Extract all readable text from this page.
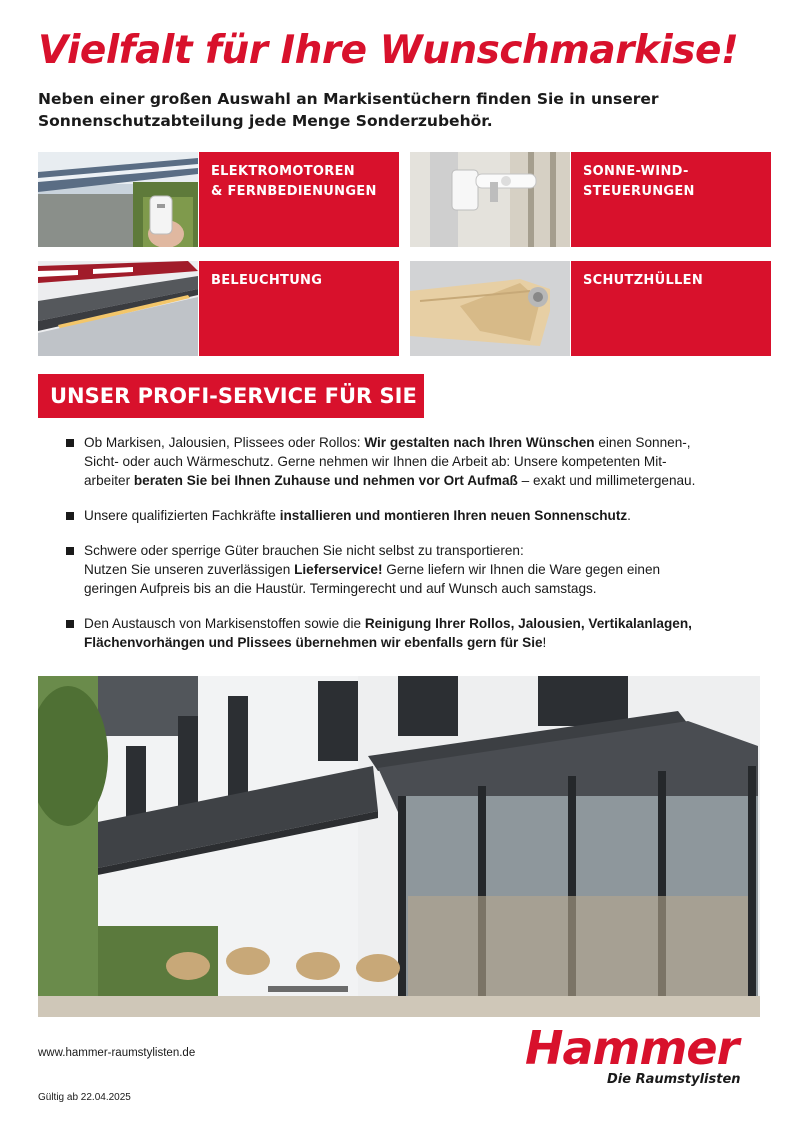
Vielfalt für Ihre Wunschmarkise!

Neben einer großen Auswahl an Markisentüchern finden Sie in unserer Sonnenschutzabteilung jede Menge Sonderzubehör.

ELEKTROMOTOREN
& FERNBEDIENUNGEN
SONNE-WIND-
STEUERUNGEN
BELEUCHTUNG	SCHUTZHÜLLEN
UNSER PROFI-SERVICE FÜR SIE
Ob Markisen, Jalousien, Plissees oder Rollos: Wir gestalten nach Ihren Wünschen einen Sonnen-,
Sicht- oder auch Wärmeschutz. Gerne nehmen wir Ihnen die Arbeit ab: Unsere kompetenten Mit-
arbeiter beraten Sie bei Ihnen Zuhause und nehmen vor Ort Aufmaß – exakt und millimetergenau.
Unsere qualifizierten Fachkräfte installieren und montieren Ihren neuen Sonnenschutz.
Schwere oder sperrige Güter brauchen Sie nicht selbst zu transportieren:
Nutzen Sie unseren zuverlässigen Lieferservice! Gerne liefern wir Ihnen die Ware gegen einen
geringen Aufpreis bis an die Haustür. Termingerecht und auf Wunsch auch samstags.
Den Austausch von Markisenstoffen sowie die Reinigung Ihrer Rollos, Jalousien, Vertikalanlagen,
Flächenvorhängen und Plissees übernehmen wir ebenfalls gern für Sie!
www.hammer-raumstylisten.de
Gültig ab 22.04.2025
Hammer
Die Raumstylisten
